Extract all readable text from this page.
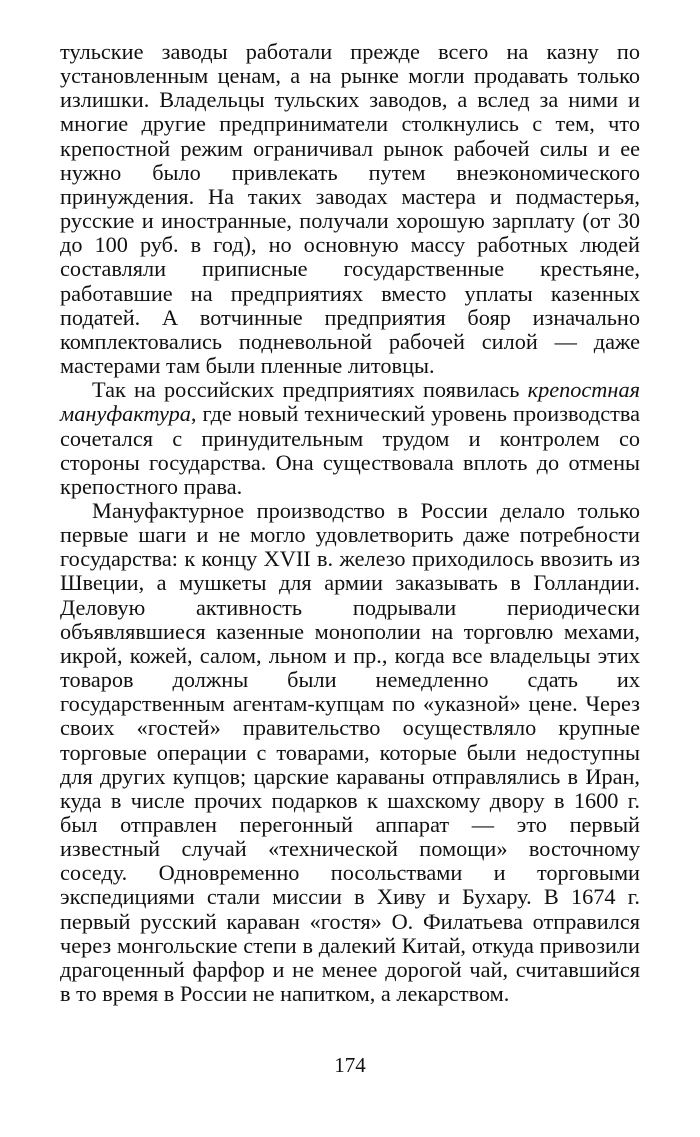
тульские заводы работали прежде всего на казну по установленным ценам, а на рынке могли продавать только излишки. Владельцы тульских заводов, а вслед за ними и многие другие предприниматели столкнулись с тем, что крепостной режим ограничивал рынок рабочей силы и ее нужно было привлекать путем внеэкономического принуждения. На таких заводах мастера и подмастерья, русские и иностранные, получали хорошую зарплату (от 30 до 100 руб. в год), но основную массу работных людей составляли приписные государственные крестьяне, работавшие на предприятиях вместо уплаты казенных податей. А вотчинные предприятия бояр изначально комплектовались подневольной рабочей силой — даже мастерами там были пленные литовцы.

Так на российских предприятиях появилась крепостная мануфактура, где новый технический уровень производства сочетался с принудительным трудом и контролем со стороны государства. Она существовала вплоть до отмены крепостного права.

Мануфактурное производство в России делало только первые шаги и не могло удовлетворить даже потребности государства: к концу XVII в. железо приходилось ввозить из Швеции, а мушкеты для армии заказывать в Голландии. Деловую активность подрывали периодически объявлявшиеся казенные монополии на торговлю мехами, икрой, кожей, салом, льном и пр., когда все владельцы этих товаров должны были немедленно сдать их государственным агентам-купцам по «указной» цене. Через своих «гостей» правительство осуществляло крупные торговые операции с товарами, которые были недоступны для других купцов; царские караваны отправлялись в Иран, куда в числе прочих подарков к шахскому двору в 1600 г. был отправлен перегонный аппарат — это первый известный случай «технической помощи» восточному соседу. Одновременно посольствами и торговыми экспедициями стали миссии в Хиву и Бухару. В 1674 г. первый русский караван «гостя» О. Филатьева отправился через монгольские степи в далекий Китай, откуда привозили драгоценный фарфор и не менее дорогой чай, считавшийся в то время в России не напитком, а лекарством.

174
